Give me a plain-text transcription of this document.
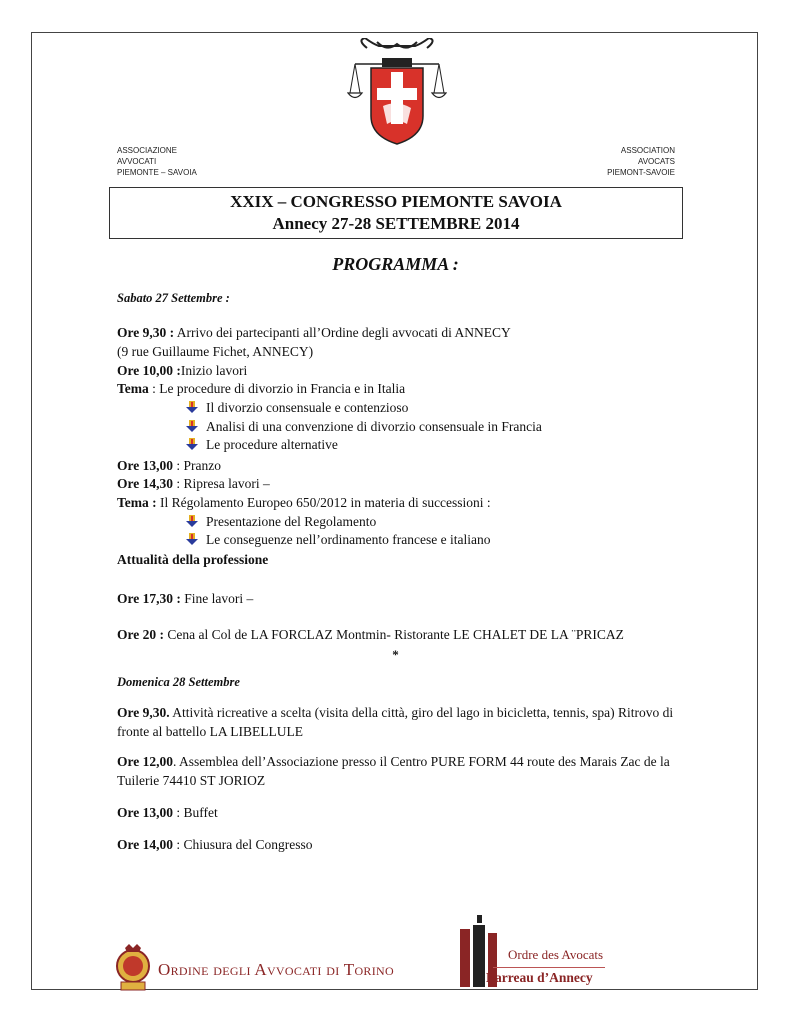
ASSOCIAZIONE
AVVOCATI
PIEMONTE – SAVOIA
ASSOCIATION
AVOCATS
PIEMONT-SAVOIE
XXIX – CONGRESSO PIEMONTE SAVOIA
Annecy 27-28 SETTEMBRE 2014
PROGRAMMA :
Sabato 27 Settembre :
Ore 9,30 : Arrivo dei partecipanti all’Ordine degli avvocati di ANNECY
(9 rue Guillaume Fichet, ANNECY)
Ore 10,00 :Inizio lavori
Tema : Le procedure di divorzio in Francia e in Italia
Il divorzio consensuale e contenzioso
Analisi di una convenzione di divorzio consensuale in Francia
Le procedure alternative
Ore 13,00 : Pranzo
Ore 14,30 : Ripresa lavori –
Tema : Il Régolamento Europeo 650/2012 in materia di successioni :
Presentazione del Regolamento
Le conseguenze nell’ordinamento francese e italiano
Attualità della professione
Ore 17,30 : Fine lavori –
Ore 20 : Cena al Col de LA FORCLAZ Montmin- Ristorante LE CHALET DE LA ¨PRICAZ
Domenica 28 Settembre
Ore 9,30. Attività ricreative a scelta (visita della città, giro del lago in bicicletta, tennis, spa) Ritrovo di fronte al battello LA LIBELLULE
Ore 12,00. Assemblea dell’Associazione presso il Centro PURE FORM 44 route des Marais Zac de la Tuilerie 74410 ST JORIOZ
Ore 13,00 : Buffet
Ore 14,00 : Chiusura del Congresso
*
Ordine degli Avvocati di Torino
Ordre des Avocats
Barreau d’Annecy
